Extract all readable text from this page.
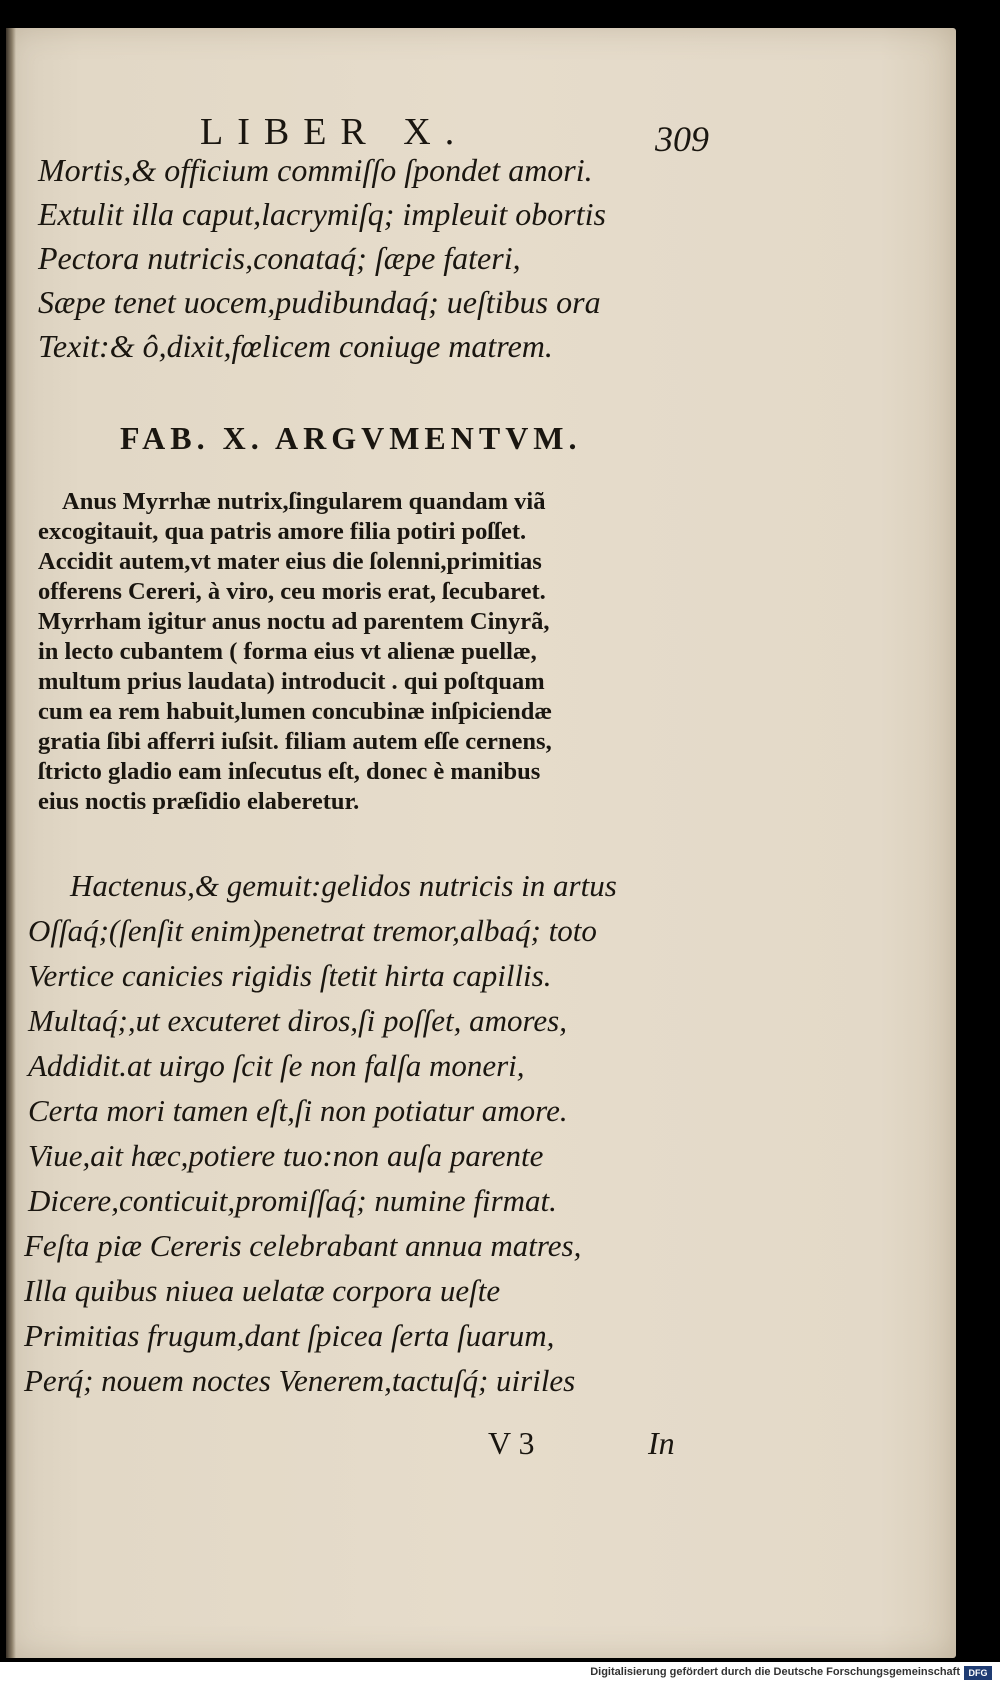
LIBER X.	309
Mortis,& officium commiſſo ſpondet amori.
Extulit illa caput,lacrymiſq; impleuit obortis
Pectora nutricis,conataq́; ſæpe fateri,
Sæpe tenet uocem,pudibundaq́; ueſtibus ora
Texit:& ô,dixit,fœlicem coniuge matrem.
FAB. X. ARGVMENTVM.
Anus Myrrhæ nutrix,ſingularem quandam viã
excogitauit, qua patris amore filia potiri poſſet.
Accidit autem,vt mater eius die ſolenni,primitias
offerens Cereri, à viro, ceu moris erat, ſecubaret.
Myrrham igitur anus noctu ad parentem Cinyrã,
in lecto cubantem ( forma eius vt alienæ puellæ,
multum prius laudata) introducit . qui poſtquam
cum ea rem habuit,lumen concubinæ inſpiciendæ
gratia ſibi afferri iuſsit. filiam autem eſſe cernens,
ſtricto gladio eam inſecutus eſt, donec è manibus
eius noctis præſidio elaberetur.
Hactenus,& gemuit:gelidos nutricis in artus
Oſſaq́;(ſenſit enim)penetrat tremor,albaq́; toto
Vertice canicies rigidis ſtetit hirta capillis.
Multaq́;,ut excuteret diros,ſi poſſet, amores,
Addidit.at uirgo ſcit ſe non falſa moneri,
Certa mori tamen eſt,ſi non potiatur amore.
Viue,ait hæc,potiere tuo:non auſa parente
Dicere,conticuit,promiſſaq́; numine firmat.
Feſta piæ Cereris celebrabant annua matres,
Illa quibus niuea uelatæ corpora ueſte
Primitias frugum,dant ſpicea ſerta ſuarum,
Perq́; nouem noctes Venerem,tactuſq́; uiriles
V 3	In
Digitalisierung gefördert durch die Deutsche Forschungsgemeinschaft DFG
